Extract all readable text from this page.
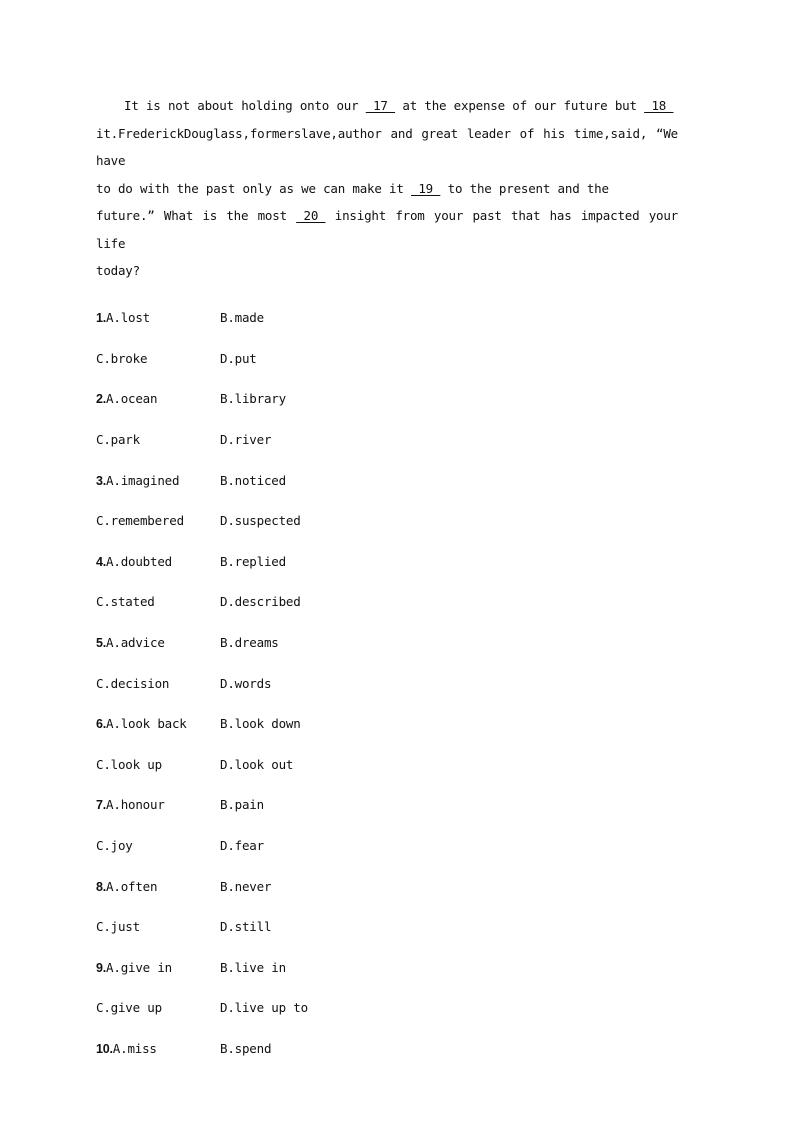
It is not about holding onto our  17  at the expense of our future but  18
it.FrederickDouglass,formerslave,author and great leader of his time,said, “We have
to do with the past only as we can make it  19  to the present and the
future.” What is the most  20  insight from your past that has impacted your life
today?
1.A.lost	B.made
C.broke	D.put
2.A.ocean	B.library
C.park	D.river
3.A.imagined	B.noticed
C.remembered	D.suspected
4.A.doubted	B.replied
C.stated	D.described
5.A.advice	B.dreams
C.decision	D.words
6.A.look back	B.look down
C.look up	D.look out
7.A.honour	B.pain
C.joy	D.fear
8.A.often	B.never
C.just	D.still
9.A.give in	B.live in
C.give up	D.live up to
10.A.miss	B.spend
